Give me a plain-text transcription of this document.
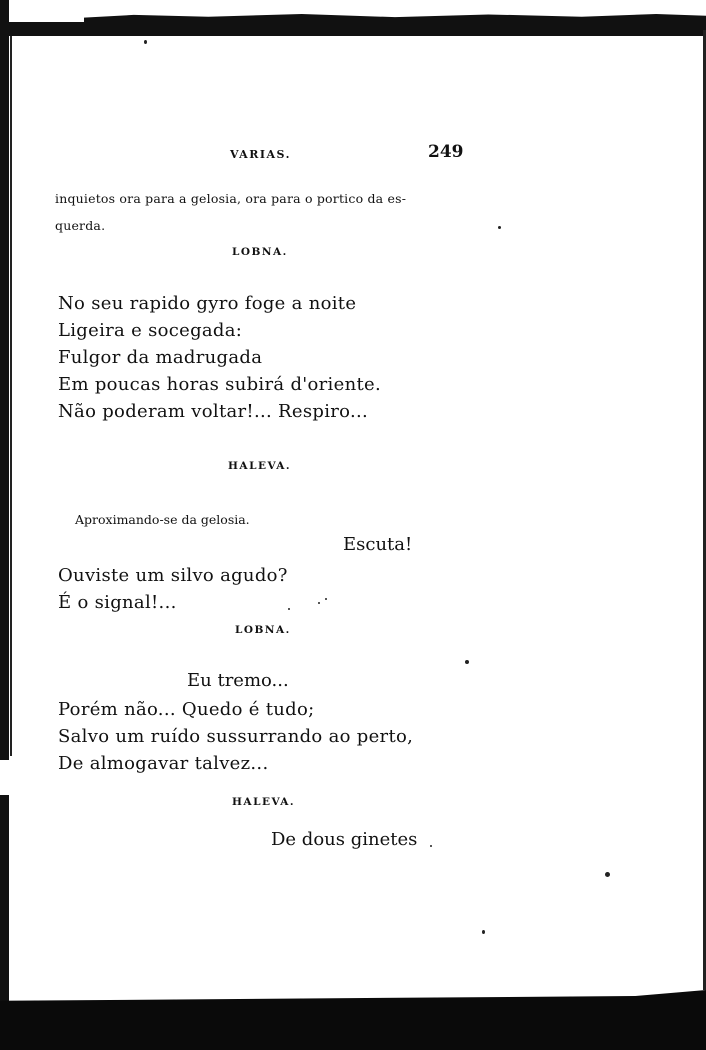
VARIAS.	249
inquietos ora para a gelosia, ora para o portico da es-
querda.
LOBNA.
No seu rapido gyro foge a noite
Ligeira e socegada:
Fulgor da madrugada
Em poucas horas subirá d'oriente.
Não poderam voltar!... Respiro...
HALEVA.
Aproximando-se da gelosia.
Escuta!
Ouviste um silvo agudo?
É o signal!...
LOBNA.
Eu tremo...
Porém não... Quedo é tudo;
Salvo um ruído sussurrando ao perto,
De almogavar talvez...
HALEVA.
De dous ginetes
